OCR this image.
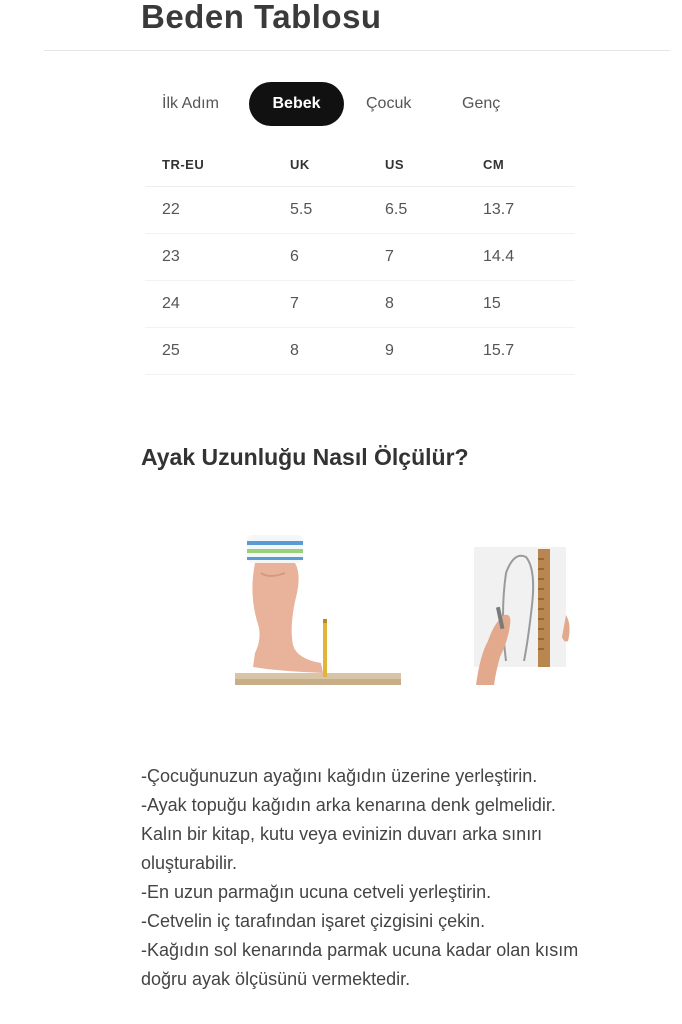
Beden Tablosu
İlk Adım	Bebek	Çocuk	Genç
TR-EU	UK	US	CM
22	5.5	6.5	13.7
23	6	7	14.4
24	7	8	15
25	8	9	15.7
Ayak Uzunluğu Nasıl Ölçülür?

-Çocuğunuzun ayağını kağıdın üzerine yerleştirin.

-Ayak topuğu kağıdın arka kenarına denk gelmelidir. Kalın bir kitap, kutu veya evinizin duvarı arka sınırı oluşturabilir.

-En uzun parmağın ucuna cetveli yerleştirin.

-Cetvelin iç tarafından işaret çizgisini çekin.

-Kağıdın sol kenarında parmak ucuna kadar olan kısım doğru ayak ölçüsünü vermektedir.
